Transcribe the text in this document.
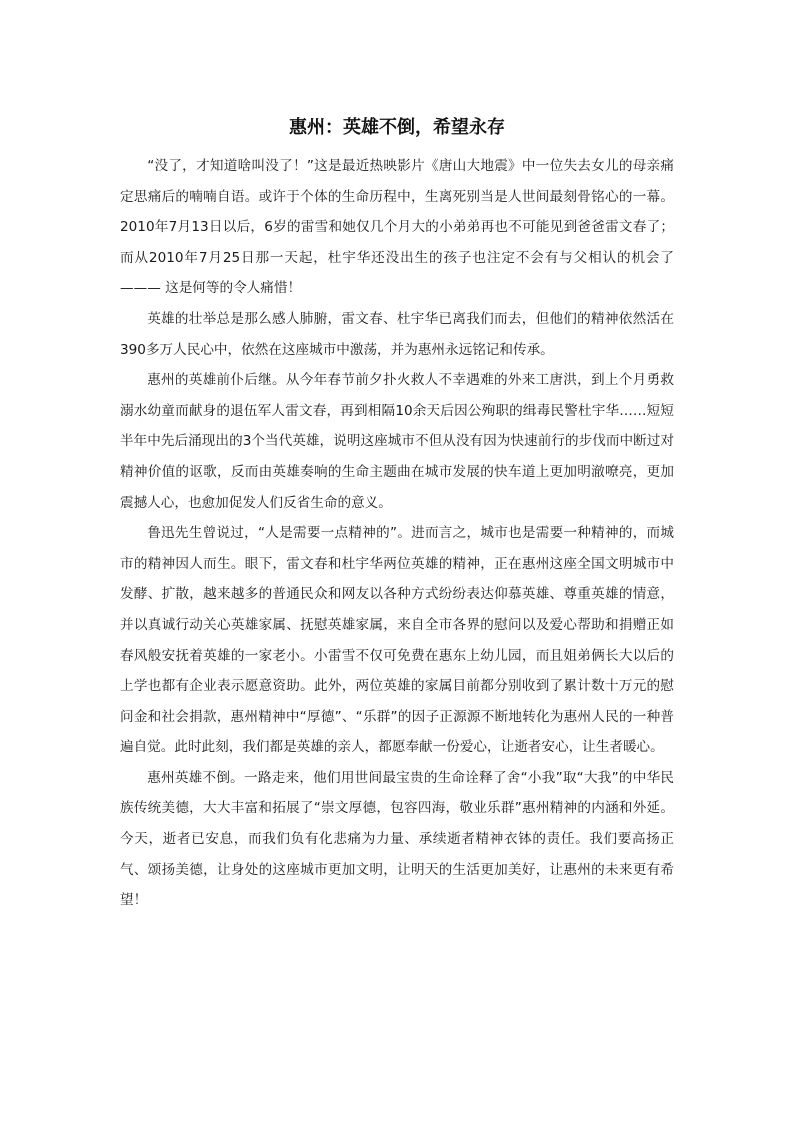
惠州：英雄不倒，希望永存

“没了，才知道啥叫没了！”这是最近热映影片《唐山大地震》中一位失去女儿的母亲痛定思痛后的喃喃自语。或许于个体的生命历程中，生离死别当是人世间最刻骨铭心的一幕。2010年7月13日以后，6岁的雷雪和她仅几个月大的小弟弟再也不可能见到爸爸雷文春了；而从2010年7月25日那一天起，杜宇华还没出生的孩子也注定不会有与父相认的机会了——— 这是何等的令人痛惜！

英雄的壮举总是那么感人肺腑，雷文春、杜宇华已离我们而去，但他们的精神依然活在390多万人民心中，依然在这座城市中激荡，并为惠州永远铭记和传承。

惠州的英雄前仆后继。从今年春节前夕扑火救人不幸遇难的外来工唐洪，到上个月勇救溺水幼童而献身的退伍军人雷文春，再到相隔10余天后因公殉职的缉毒民警杜宇华……短短半年中先后涌现出的3个当代英雄，说明这座城市不但从没有因为快速前行的步伐而中断过对精神价值的讴歌，反而由英雄奏响的生命主题曲在城市发展的快车道上更加明澈嘹亮，更加震撼人心，也愈加促发人们反省生命的意义。

鲁迅先生曾说过，“人是需要一点精神的”。进而言之，城市也是需要一种精神的，而城市的精神因人而生。眼下，雷文春和杜宇华两位英雄的精神，正在惠州这座全国文明城市中发酵、扩散，越来越多的普通民众和网友以各种方式纷纷表达仰慕英雄、尊重英雄的情意，并以真诚行动关心英雄家属、抚慰英雄家属，来自全市各界的慰问以及爱心帮助和捐赠正如春风般安抚着英雄的一家老小。小雷雪不仅可免费在惠东上幼儿园，而且姐弟俩长大以后的上学也都有企业表示愿意资助。此外，两位英雄的家属目前都分别收到了累计数十万元的慰问金和社会捐款，惠州精神中“厚德”、“乐群”的因子正源源不断地转化为惠州人民的一种普遍自觉。此时此刻，我们都是英雄的亲人，都愿奉献一份爱心，让逝者安心，让生者暖心。

惠州英雄不倒。一路走来，他们用世间最宝贵的生命诠释了舍“小我”取“大我”的中华民族传统美德，大大丰富和拓展了“崇文厚德，包容四海，敬业乐群”惠州精神的内涵和外延。今天，逝者已安息，而我们负有化悲痛为力量、承续逝者精神衣钵的责任。我们要高扬正气、颂扬美德，让身处的这座城市更加文明，让明天的生活更加美好，让惠州的未来更有希望！
